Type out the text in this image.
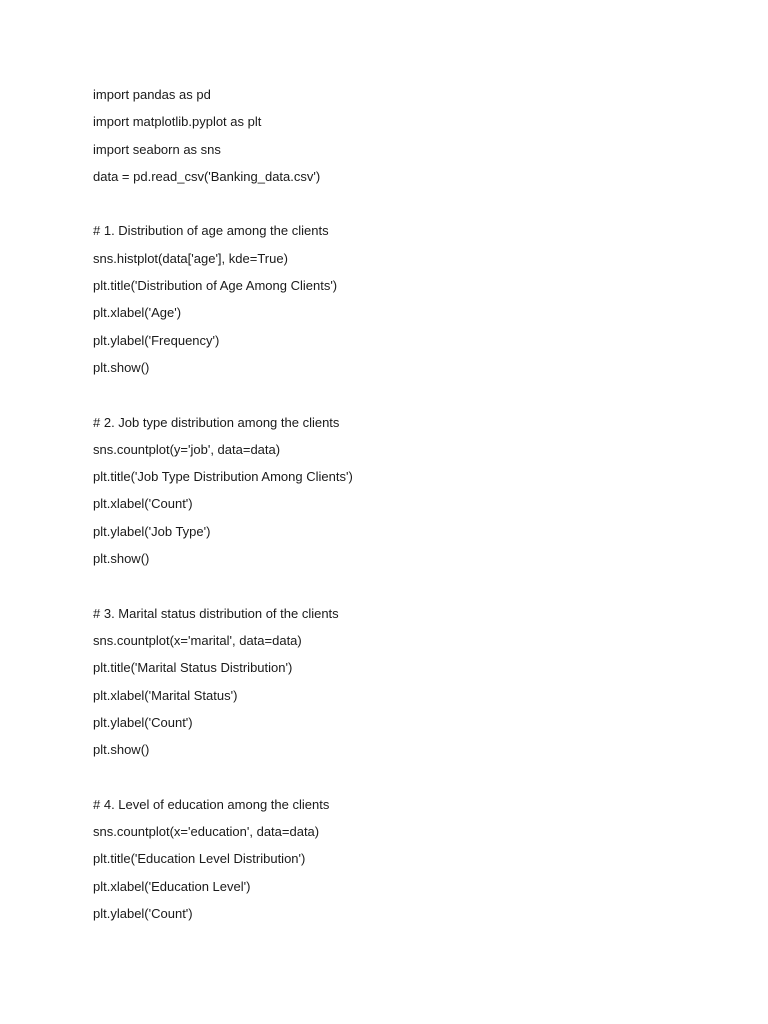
import pandas as pd
import matplotlib.pyplot as plt
import seaborn as sns
data = pd.read_csv('Banking_data.csv')
# 1. Distribution of age among the clients
sns.histplot(data['age'], kde=True)
plt.title('Distribution of Age Among Clients')
plt.xlabel('Age')
plt.ylabel('Frequency')
plt.show()
# 2. Job type distribution among the clients
sns.countplot(y='job', data=data)
plt.title('Job Type Distribution Among Clients')
plt.xlabel('Count')
plt.ylabel('Job Type')
plt.show()
# 3. Marital status distribution of the clients
sns.countplot(x='marital', data=data)
plt.title('Marital Status Distribution')
plt.xlabel('Marital Status')
plt.ylabel('Count')
plt.show()
# 4. Level of education among the clients
sns.countplot(x='education', data=data)
plt.title('Education Level Distribution')
plt.xlabel('Education Level')
plt.ylabel('Count')
